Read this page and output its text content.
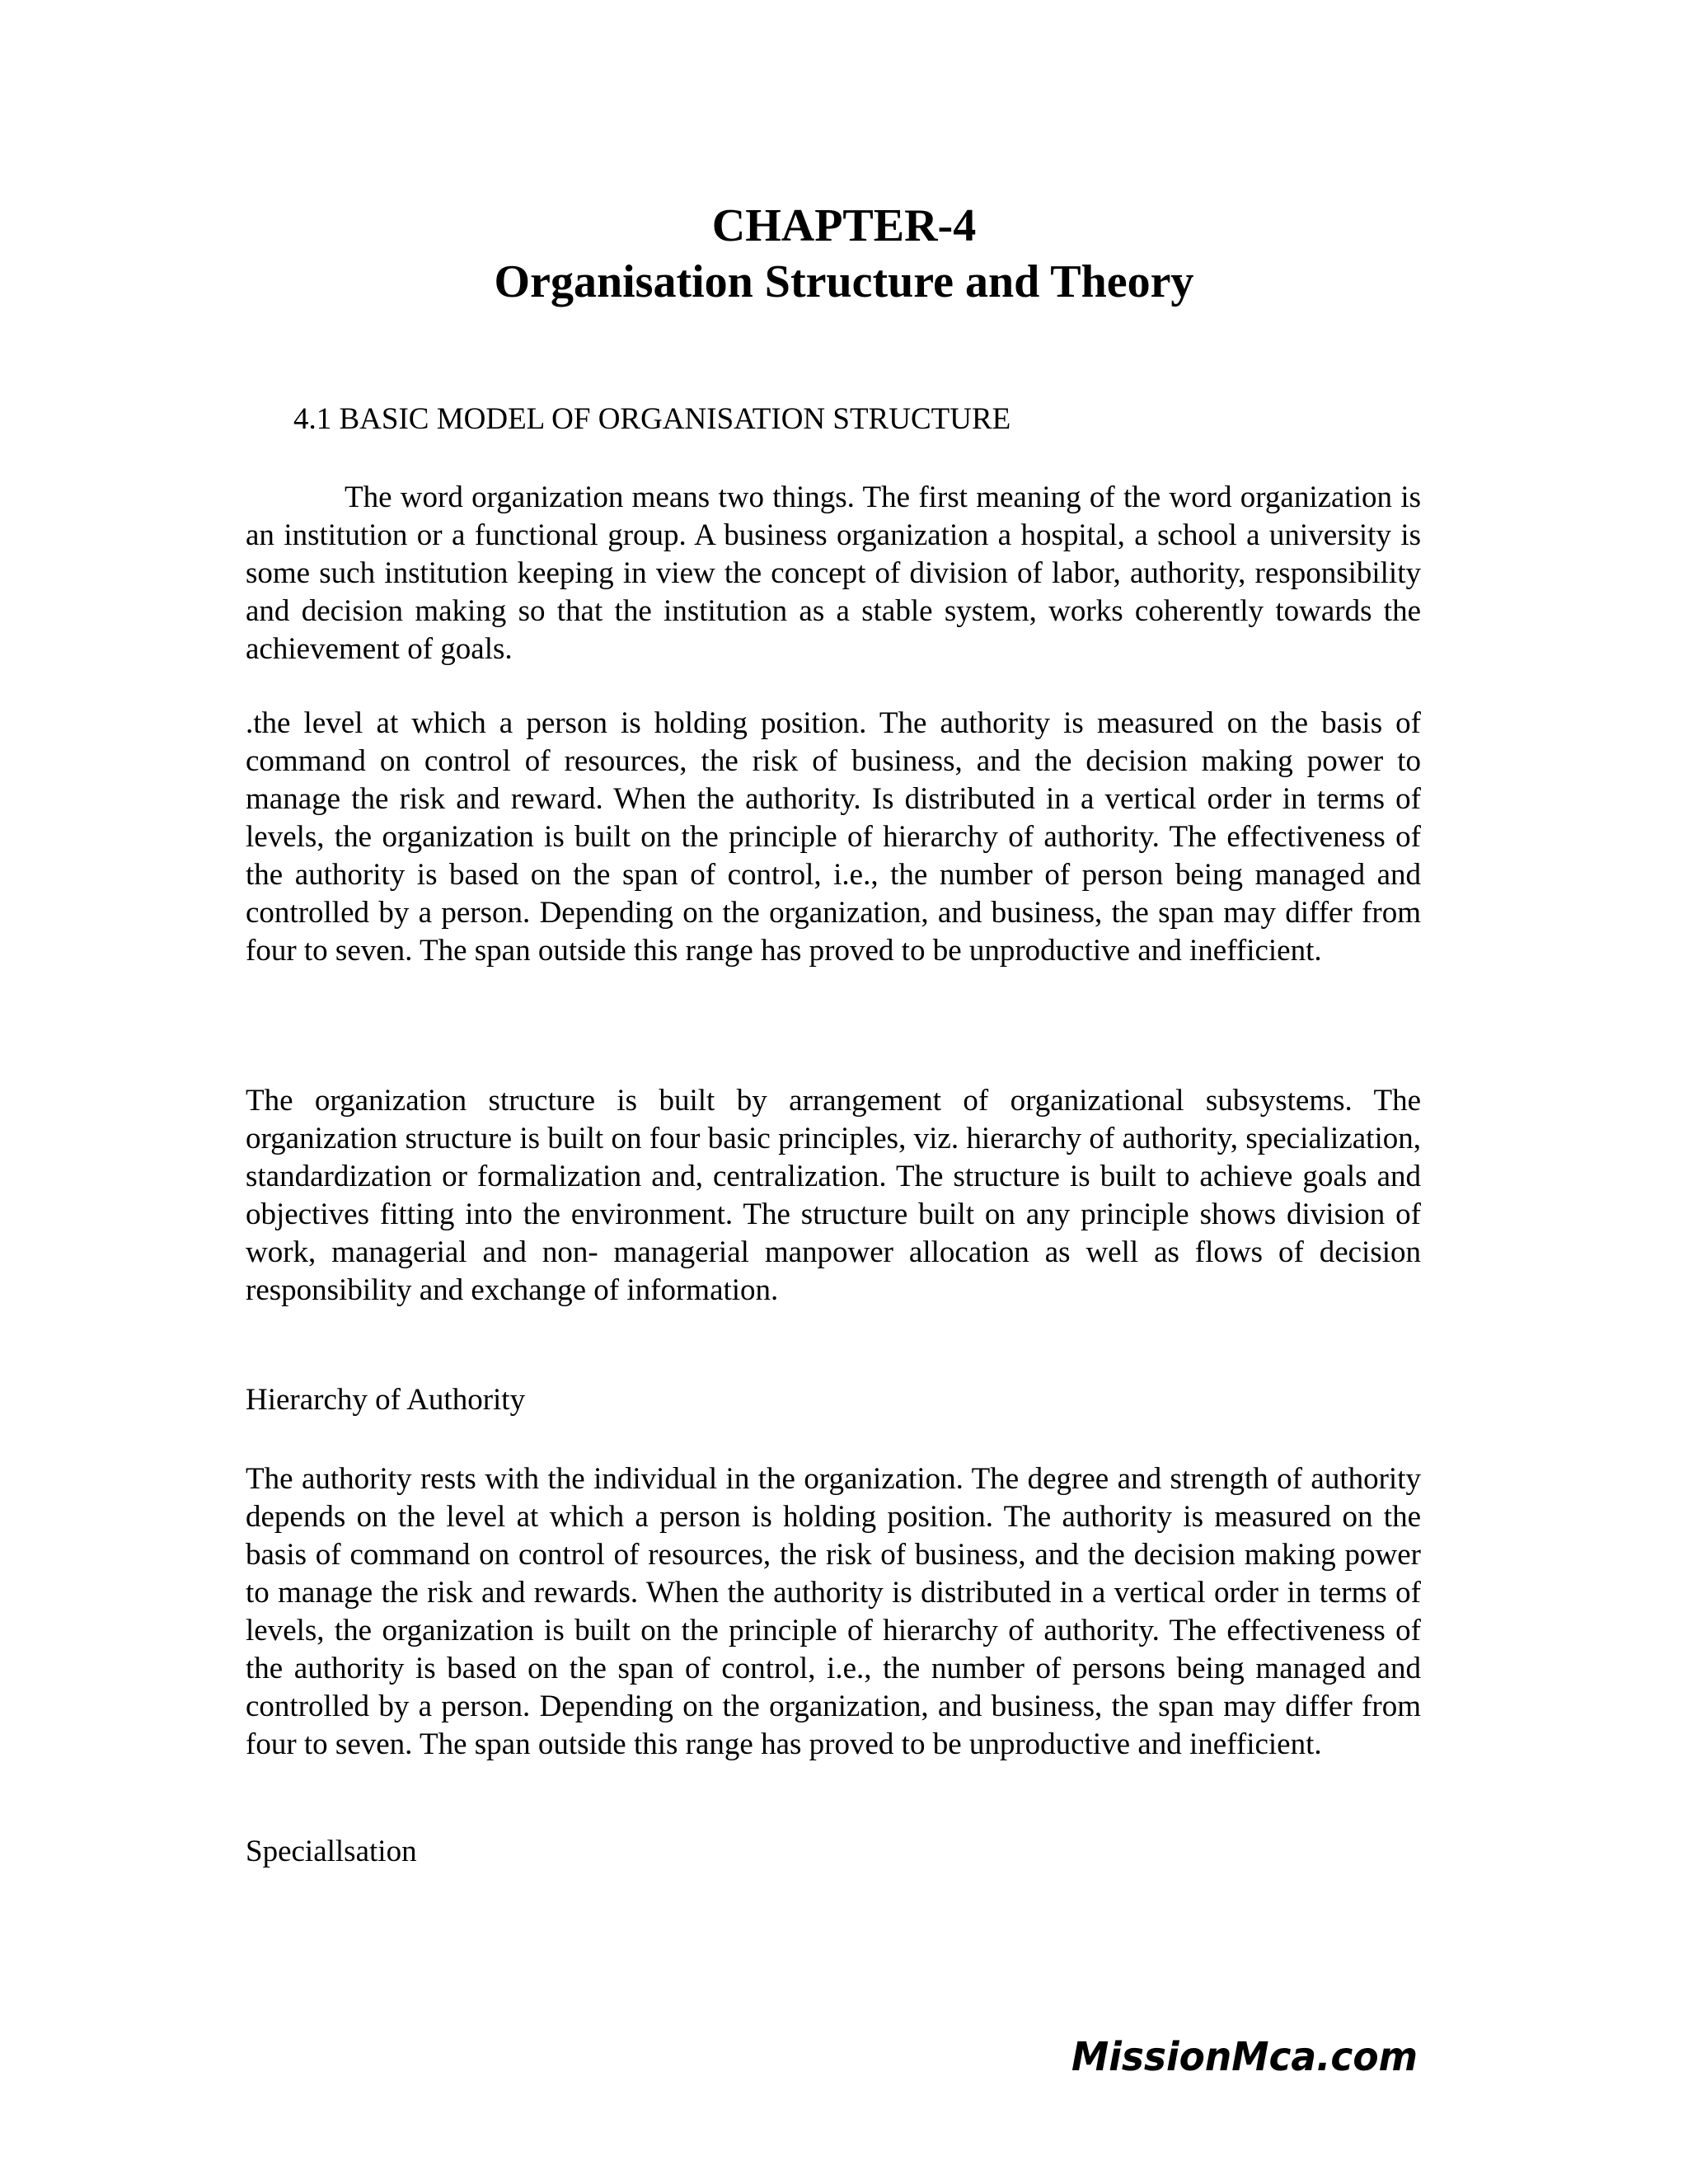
CHAPTER-4
Organisation Structure and Theory
4.1 BASIC MODEL OF ORGANISATION STRUCTURE

The word organization means two things. The first meaning of the word organization is an institution or a functional group. A business organization a hospital, a school a university is some such institution keeping in view the concept of division of labor, authority, responsibility and decision making so that the institution as a stable system, works coherently towards the achievement of goals.

.the level at which a person is holding position. The authority is measured on the basis of command on control of resources, the risk of business, and the decision making power to manage the risk and reward. When the authority. Is distributed in a vertical order in terms of levels, the organization is built on the principle of hierarchy of authority. The effectiveness of the authority is based on the span of control, i.e., the number of person being managed and controlled by a person. Depending on the organization, and business, the span may differ from four to seven. The span outside this range has proved to be unproductive and inefficient.

The organization structure is built by arrangement of organizational subsystems. The organization structure is built on four basic principles, viz. hierarchy of authority, specialization, standardization or formalization and, centralization. The structure is built to achieve goals and objectives fitting into the environment. The structure built on any principle shows division of work, managerial and non- managerial manpower allocation as well as flows of decision responsibility and exchange of information.

Hierarchy of Authority

The authority rests with the individual in the organization. The degree and strength of authority depends on the level at which a person is holding position. The authority is measured on the basis of command on control of resources, the risk of business, and the decision making power to manage the risk and rewards. When the authority is distributed in a vertical order in terms of levels, the organization is built on the principle of hierarchy of authority. The effectiveness of the authority is based on the span of control, i.e., the number of persons being managed and controlled by a person. Depending on the organization, and business, the span may differ from four to seven. The span outside this range has proved to be unproductive and inefficient.

Speciallsation
MissionMca.com
